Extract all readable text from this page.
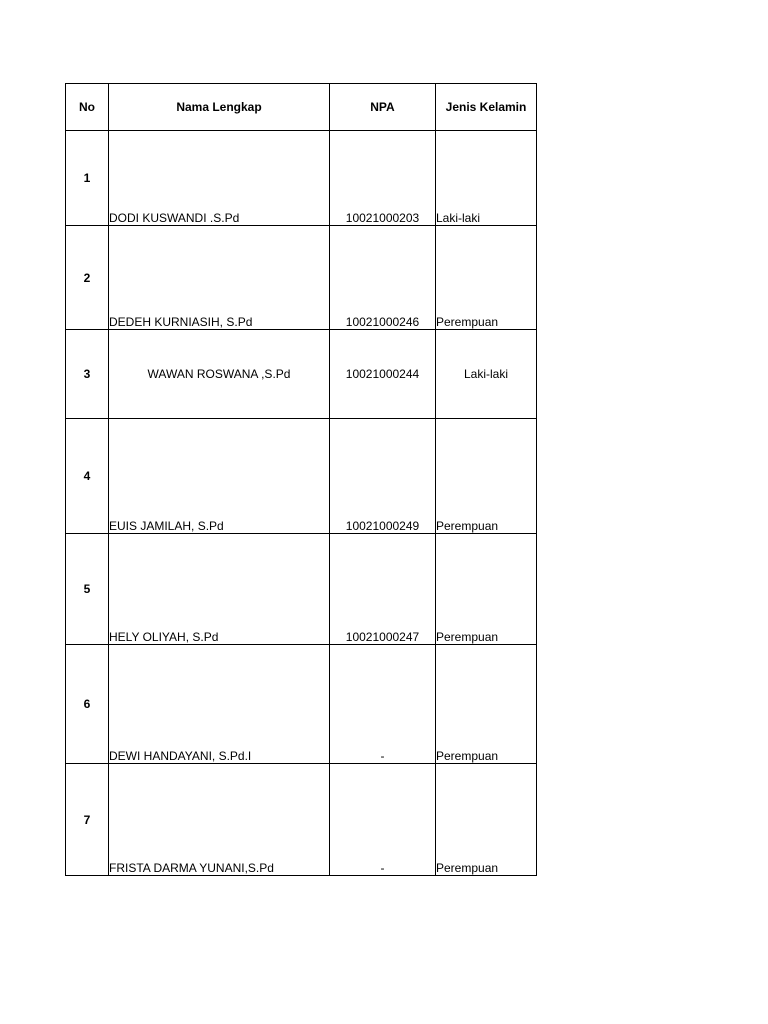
No	Nama Lengkap	NPA	Jenis Kelamin
1	DODI KUSWANDI .S.Pd	10021000203	Laki-laki
2	DEDEH KURNIASIH, S.Pd	10021000246	Perempuan
3	WAWAN ROSWANA ,S.Pd	10021000244	Laki-laki
4	EUIS JAMILAH, S.Pd	10021000249	Perempuan
5	HELY OLIYAH, S.Pd	10021000247	Perempuan
6	DEWI HANDAYANI, S.Pd.I	-	Perempuan
7	FRISTA DARMA YUNANI,S.Pd	-	Perempuan
